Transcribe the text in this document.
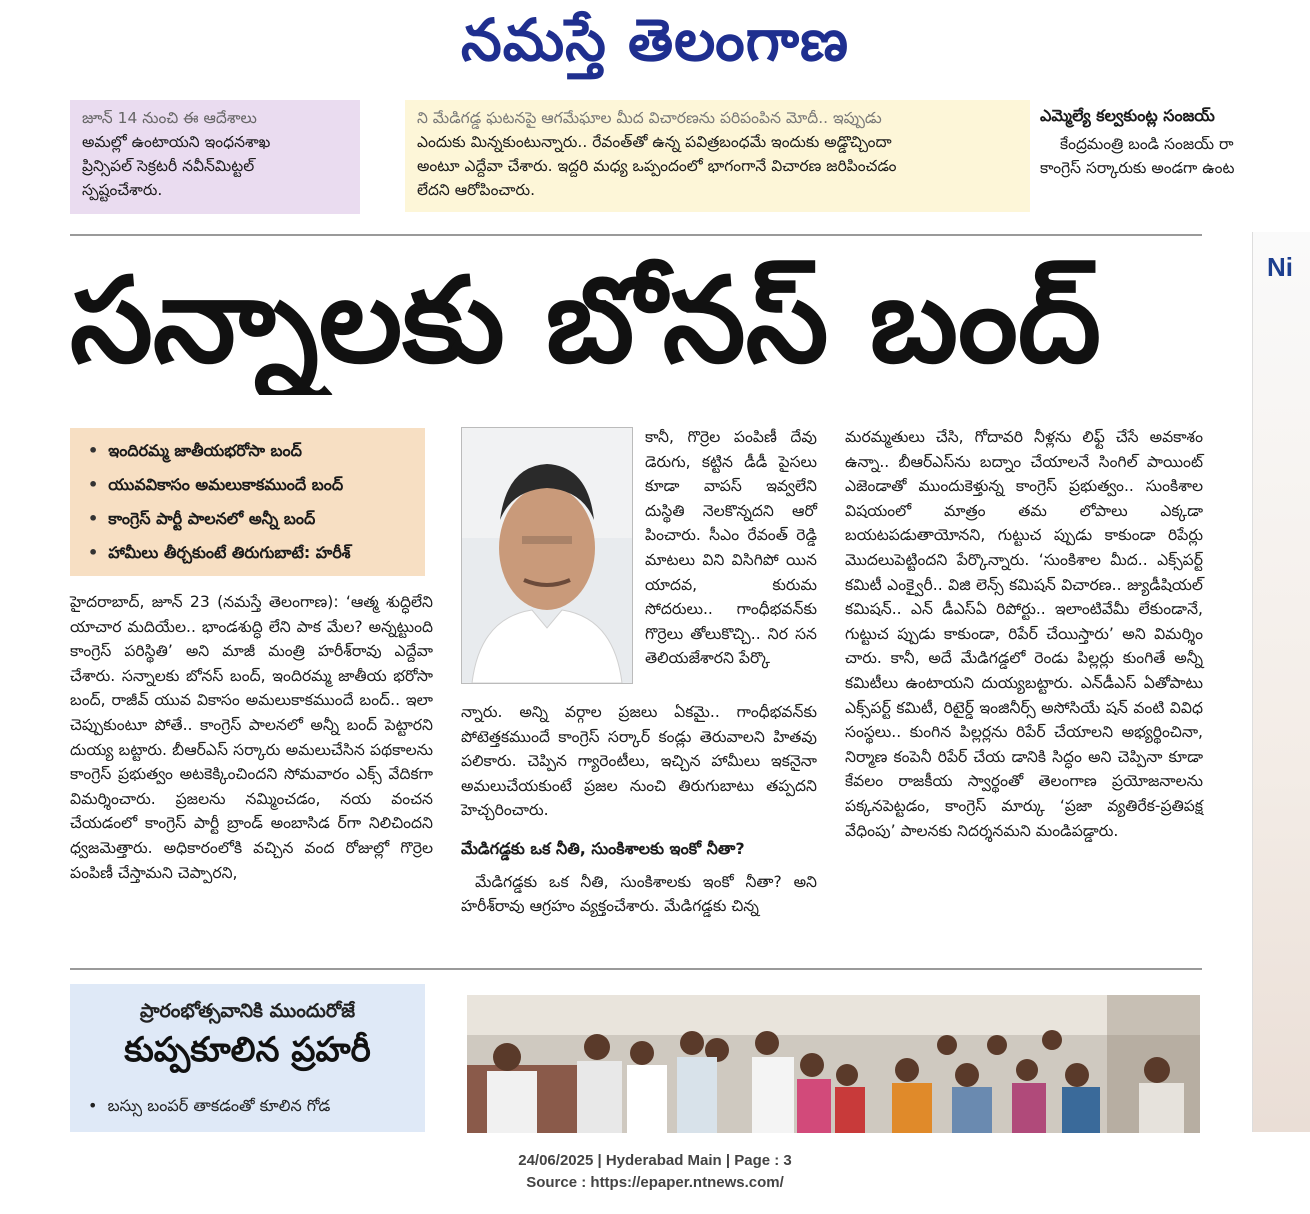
నమస్తే తెలంగాణ
జూన్ 14 నుంచి ఈ ఆదేశాలు
అమల్లో ఉంటాయని ఇంధనశాఖ
ప్రిన్సిపల్ సెక్రటరీ నవీన్‌మిట్టల్
స్పష్టంచేశారు.
ని మేడిగడ్డ ఘటనపై ఆగమేఘాల మీద విచారణను పరిపంపిన మోదీ.. ఇప్పుడు
ఎందుకు మిన్నకుంటున్నారు.. రేవంత్‌తో ఉన్న పవిత్రబంధమే ఇందుకు అడ్డొచ్చిందా
అంటూ ఎద్దేవా చేశారు. ఇద్దరి మధ్య ఒప్పందంలో భాగంగానే విచారణ జరిపించడం
లేదని ఆరోపించారు.
ఎమ్మెల్యే కల్వకుంట్ల సంజయ్
కేంద్రమంత్రి బండి సంజయ్ రా
కాంగ్రెస్ సర్కారుకు అండగా ఉంట
Ni
సన్నాలకు బోనస్ బంద్
• ఇందిరమ్మ జాతీయభరోసా బంద్
• యువవికాసం అమలుకాకముందే బంద్
• కాంగ్రెస్ పార్టీ పాలనలో అన్నీ బంద్
• హామీలు తీర్చకుంటే తిరుగుబాటే: హరీశ్

హైదరాబాద్, జూన్ 23 (నమస్తే తెలంగాణ): ‘ఆత్మ శుద్ధిలేని యాచార మదియేల.. భాండశుద్ధి లేని పాక మేల? అన్నట్టుంది కాంగ్రెస్ పరిస్థితి’ అని మాజీ మంత్రి హరీశ్‌రావు ఎద్దేవా చేశారు. సన్నాలకు బోనస్ బంద్, ఇందిరమ్మ జాతీయ భరోసా బంద్, రాజీవ్ యువ వికాసం అమలుకాకముందే బంద్.. ఇలా చెప్పుకుంటూ పోతే.. కాంగ్రెస్ పాలనలో అన్నీ బంద్ పెట్టారని దుయ్య బట్టారు. బీఆర్‌ఎస్ సర్కారు అమలుచేసిన పథకాలను కాంగ్రెస్ ప్రభుత్వం అటకెక్కించిందని సోమవారం ఎక్స్ వేదికగా విమర్శించారు. ప్రజలను నమ్మించడం, నయ వంచన చేయడంలో కాంగ్రెస్ పార్టీ బ్రాండ్ అంబాసిడ ర్‌గా నిలిచిందని ధ్వజమెత్తారు. అధికారంలోకి వచ్చిన వంద రోజుల్లో గొర్రెల పంపిణీ చేస్తామని చెప్పారని,

కానీ, గొర్రెల పంపిణీ దేవు డెరుగు, కట్టిన డీడీ పైసలు కూడా వాపస్ ఇవ్వలేని దుస్థితి నెలకొన్నదని ఆరో పించారు. సీఎం రేవంత్ రెడ్డి మాటలు విని విసిగిపో యిన యాదవ, కురుమ సోదరులు.. గాంధీభవన్‌కు గొర్రెలు తోలుకొచ్చి.. నిర సన తెలియజేశారని పేర్కొ

న్నారు. అన్ని వర్గాల ప్రజలు ఏకమై.. గాంధీభవన్‌కు పోటెత్తకముందే కాంగ్రెస్ సర్కార్ కండ్లు తెరువాలని హితవు పలికారు. చెప్పిన గ్యారెంటీలు, ఇచ్చిన హామీలు ఇకనైనా అమలుచేయకుంటే ప్రజల నుంచి తిరుగుబాటు తప్పదని హెచ్చరించారు.

మేడిగడ్డకు ఒక నీతి, సుంకిశాలకు ఇంకో నీతా?

మేడిగడ్డకు ఒక నీతి, సుంకిశాలకు ఇంకో నీతా? అని హరీశ్‌రావు ఆగ్రహం వ్యక్తంచేశారు. మేడిగడ్డకు చిన్న

మరమ్మతులు చేసి, గోదావరి నీళ్లను లిఫ్ట్ చేసే అవకాశం ఉన్నా.. బీఆర్‌ఎస్‌ను బద్నాం చేయాలనే సింగిల్ పాయింట్ ఎజెండాతో ముందుకెళ్తున్న కాంగ్రెస్ ప్రభుత్వం.. సుంకిశాల విషయంలో మాత్రం తమ లోపాలు ఎక్కడా బయటపడుతాయోనని, గుట్టుచ ప్పుడు కాకుండా రిపేర్లు మొదలుపెట్టిందని పేర్కొన్నారు. ‘సుంకిశాల మీద.. ఎక్స్‌పర్ట్ కమిటీ ఎంక్వైరీ.. విజి లెన్స్ కమిషన్ విచారణ.. జ్యుడీషియల్ కమిషన్.. ఎన్ డీఎస్‌ఏ రిపోర్టు.. ఇలాంటివేమీ లేకుండానే, గుట్టుచ ప్పుడు కాకుండా, రిపేర్ చేయిస్తారు’ అని విమర్శిం చారు. కానీ, అదే మేడిగడ్డలో రెండు పిల్లర్లు కుంగితే అన్నీ కమిటీలు ఉంటాయని దుయ్యబట్టారు. ఎన్‌డీఎస్ ఏతోపాటు ఎక్స్‌పర్ట్ కమిటీ, రిటైర్డ్ ఇంజినీర్స్ అసోసియే షన్ వంటి వివిధ సంస్థలు.. కుంగిన పిల్లర్లను రిపేర్ చేయాలని అభ్యర్థించినా, నిర్మాణ కంపెనీ రిపేర్ చేయ డానికి సిద్ధం అని చెప్పినా కూడా కేవలం రాజకీయ స్వార్థంతో తెలంగాణ ప్రయోజనాలను పక్కనపెట్టడం, కాంగ్రెస్ మార్కు ‘ప్రజా వ్యతిరేక-ప్రతిపక్ష వేధింపు’ పాలనకు నిదర్శనమని మండిపడ్డారు.

ప్రారంభోత్సవానికి ముందురోజే
కుప్పకూలిన ప్రహరీ
•  బస్సు బంపర్ తాకడంతో కూలిన గోడ
24/06/2025 | Hyderabad Main | Page : 3
Source : https://epaper.ntnews.com/
